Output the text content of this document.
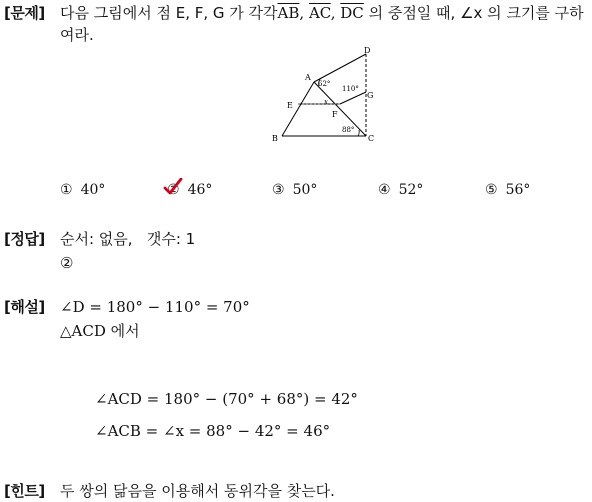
[문제] 다음 그림에서 점 E, F, G 가 각각$\overline{AB}$, $\overline{AC}$, $\overline{DC}$ 의 중점일 때, ∠x 의 크기를 구하
여라.
A
D
E
F
G
B	C
62°
110°
x
88°
① 40°	② 46°	③ 50°	④ 52°	⑤ 56°
[정답] 순서: 없음,   갯수: 1
②
[해설] ∠D = 180° − 110° = 70°
△ACD 에서
∠ACD = 180° − (70° + 68°) = 42°
∠ACB = ∠x = 88° − 42° = 46°
[힌트] 두 쌍의 닮음을 이용해서 동위각을 찾는다.
